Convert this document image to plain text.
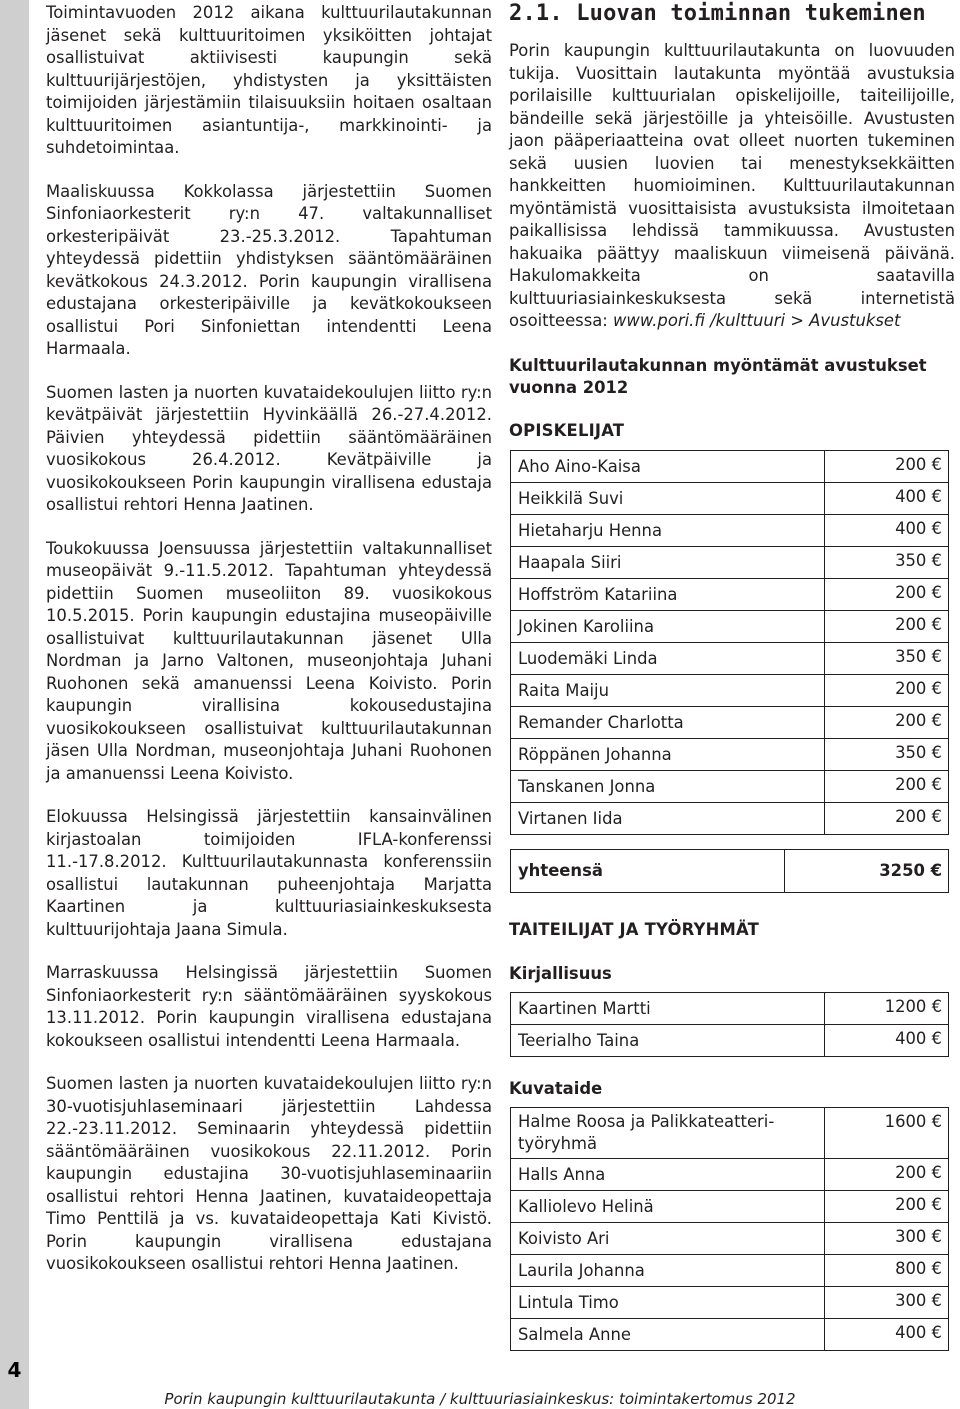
4

Toimintavuoden 2012 aikana kulttuurilautakunnan jäsenet sekä kulttuuritoimen yksiköitten johtajat osallistuivat aktiivisesti kaupungin sekä kulttuurijärjestöjen, yhdistysten ja yksittäisten toimijoiden järjestämiin tilaisuuksiin hoitaen osaltaan kulttuuritoimen asiantuntija-, markkinointi- ja suhdetoimintaa.

Maaliskuussa Kokkolassa järjestettiin Suomen Sinfoniaorkesterit ry:n 47. valtakunnalliset orkesteripäivät 23.-25.3.2012. Tapahtuman yhteydessä pidettiin yhdistyksen sääntömääräinen kevätkokous 24.3.2012. Porin kaupungin virallisena edustajana orkesteripäiville ja kevätkokoukseen osallistui Pori Sinfoniettan intendentti Leena Harmaala.

Suomen lasten ja nuorten kuvataidekoulujen liitto ry:n kevätpäivät järjestettiin Hyvinkäällä 26.-27.4.2012. Päivien yhteydessä pidettiin sääntömääräinen vuosikokous 26.4.2012. Kevätpäiville ja vuosikokoukseen Porin kaupungin virallisena edustaja osallistui rehtori Henna Jaatinen.

Toukokuussa Joensuussa järjestettiin valtakunnalliset museopäivät 9.-11.5.2012. Tapahtuman yhteydessä pidettiin Suomen museoliiton 89. vuosikokous 10.5.2015. Porin kaupungin edustajina museopäiville osallistuivat kulttuurilautakunnan jäsenet Ulla Nordman ja Jarno Valtonen, museonjohtaja Juhani Ruohonen sekä amanuenssi Leena Koivisto. Porin kaupungin virallisina kokousedustajina vuosikokoukseen osallistuivat kulttuurilautakunnan jäsen Ulla Nordman, museonjohtaja Juhani Ruohonen ja amanuenssi Leena Koivisto.

Elokuussa Helsingissä järjestettiin kansainvälinen kirjastoalan toimijoiden IFLA-konferenssi 11.-17.8.2012. Kulttuurilautakunnasta konferenssiin osallistui lautakunnan puheenjohtaja Marjatta Kaartinen ja kulttuuriasiainkeskuksesta kulttuurijohtaja Jaana Simula.

Marraskuussa Helsingissä järjestettiin Suomen Sinfoniaorkesterit ry:n sääntömääräinen syyskokous 13.11.2012. Porin kaupungin virallisena edustajana kokoukseen osallistui intendentti Leena Harmaala.

Suomen lasten ja nuorten kuvataidekoulujen liitto ry:n 30-vuotisjuhlaseminaari järjestettiin Lahdessa 22.-23.11.2012. Seminaarin yhteydessä pidettiin sääntömääräinen vuosikokous 22.11.2012. Porin kaupungin edustajina 30-vuotisjuhlaseminaariin osallistui rehtori Henna Jaatinen, kuvataideopettaja Timo Penttilä ja vs. kuvataideopettaja Kati Kivistö. Porin kaupungin virallisena edustajana vuosikokoukseen osallistui rehtori Henna Jaatinen.

2.1. Luovan toiminnan tukeminen

Porin kaupungin kulttuurilautakunta on luovuuden tukija. Vuosittain lautakunta myöntää avustuksia porilaisille kulttuurialan opiskelijoille, taiteilijoille, bändeille sekä järjestöille ja yhteisöille. Avustusten jaon pääperiaatteina ovat olleet nuorten tukeminen sekä uusien luovien tai menestyksekkäitten hankkeitten huomioiminen. Kulttuurilautakunnan myöntämistä vuosittaisista avustuksista ilmoitetaan paikallisissa lehdissä tammikuussa. Avustusten hakuaika päättyy maaliskuun viimeisenä päivänä. Hakulomakkeita on saatavilla kulttuuriasiainkeskuksesta sekä internetistä osoitteessa: www.pori.fi /kulttuuri > Avustukset

Kulttuurilautakunnan myöntämät avustukset vuonna 2012

OPISKELIJAT
Aho Aino-Kaisa	200 €
Heikkilä Suvi	400 €
Hietaharju Henna	400 €
Haapala Siiri	350 €
Hoffström Katariina	200 €
Jokinen Karoliina	200 €
Luodemäki Linda	350 €
Raita Maiju	200 €
Remander Charlotta	200 €
Röppänen Johanna	350 €
Tanskanen Jonna	200 €
Virtanen Iida	200 €
yhteensä	3250 €
TAITEILIJAT JA TYÖRYHMÄT
Kirjallisuus
Kaartinen Martti	1200 €
Teerialho Taina	400 €
Kuvataide
Halme Roosa ja Palikkateatteri-työryhmä	1600 €
Halls Anna	200 €
Kalliolevo Helinä	200 €
Koivisto Ari	300 €
Laurila Johanna	800 €
Lintula Timo	300 €
Salmela Anne	400 €
Porin kaupungin kulttuurilautakunta / kulttuuriasiainkeskus: toimintakertomus 2012
